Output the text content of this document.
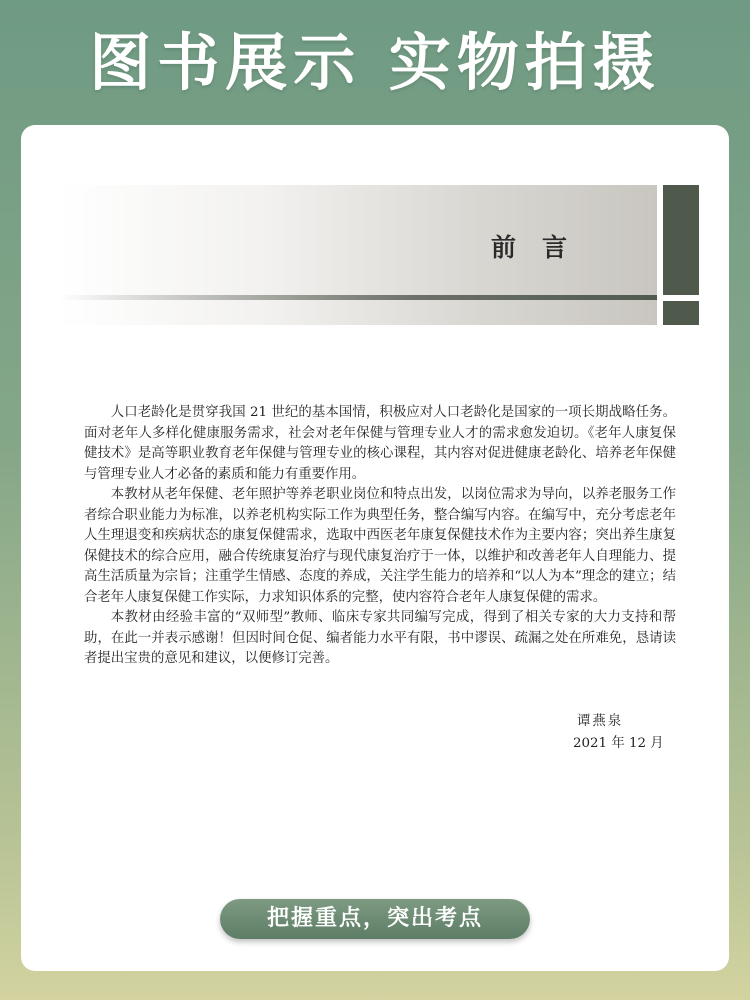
图书展示 实物拍摄
前言

人口老龄化是贯穿我国 21 世纪的基本国情，积极应对人口老龄化是国家的一项长期战略任务。面对老年人多样化健康服务需求，社会对老年保健与管理专业人才的需求愈发迫切。《老年人康复保健技术》是高等职业教育老年保健与管理专业的核心课程，其内容对促进健康老龄化、培养老年保健与管理专业人才必备的素质和能力有重要作用。

本教材从老年保健、老年照护等养老职业岗位和特点出发，以岗位需求为导向，以养老服务工作者综合职业能力为标准，以养老机构实际工作为典型任务，整合编写内容。在编写中，充分考虑老年人生理退变和疾病状态的康复保健需求，选取中西医老年康复保健技术作为主要内容；突出养生康复保健技术的综合应用，融合传统康复治疗与现代康复治疗于一体，以维护和改善老年人自理能力、提高生活质量为宗旨；注重学生情感、态度的养成，关注学生能力的培养和“以人为本”理念的建立；结合老年人康复保健工作实际，力求知识体系的完整，使内容符合老年人康复保健的需求。

本教材由经验丰富的“双师型”教师、临床专家共同编写完成，得到了相关专家的大力支持和帮助，在此一并表示感谢！但因时间仓促、编者能力水平有限，书中谬误、疏漏之处在所难免，恳请读者提出宝贵的意见和建议，以便修订完善。

谭燕泉
2021 年 12 月
把握重点，突出考点
